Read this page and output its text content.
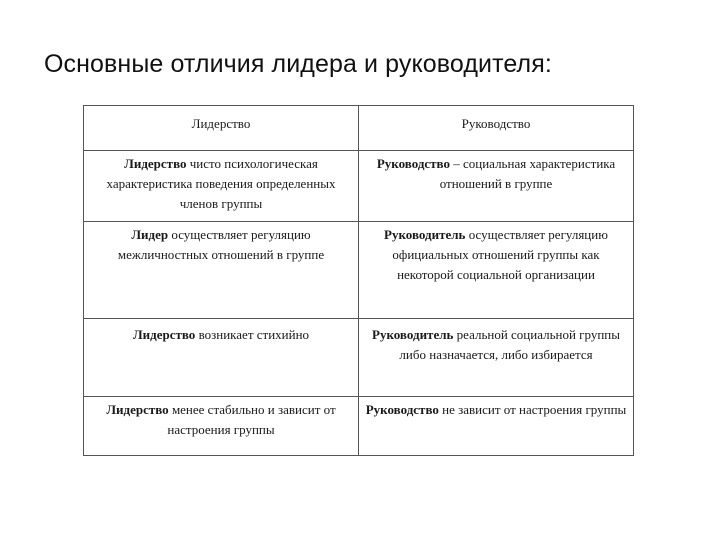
Основные отличия лидера и руководителя:
Лидерство	Руководство
Лидерство чисто психологическая характеристика поведения определенных членов группы	Руководство – социальная характеристика отношений в группе
Лидер осуществляет регуляцию межличностных отношений в группе	Руководитель осуществляет регуляцию официальных отношений группы как некоторой социальной организации
Лидерство возникает стихийно	Руководитель реальной социальной группы либо назначается, либо избирается
Лидерство менее стабильно и зависит от настроения группы	Руководство не зависит от настроения группы
